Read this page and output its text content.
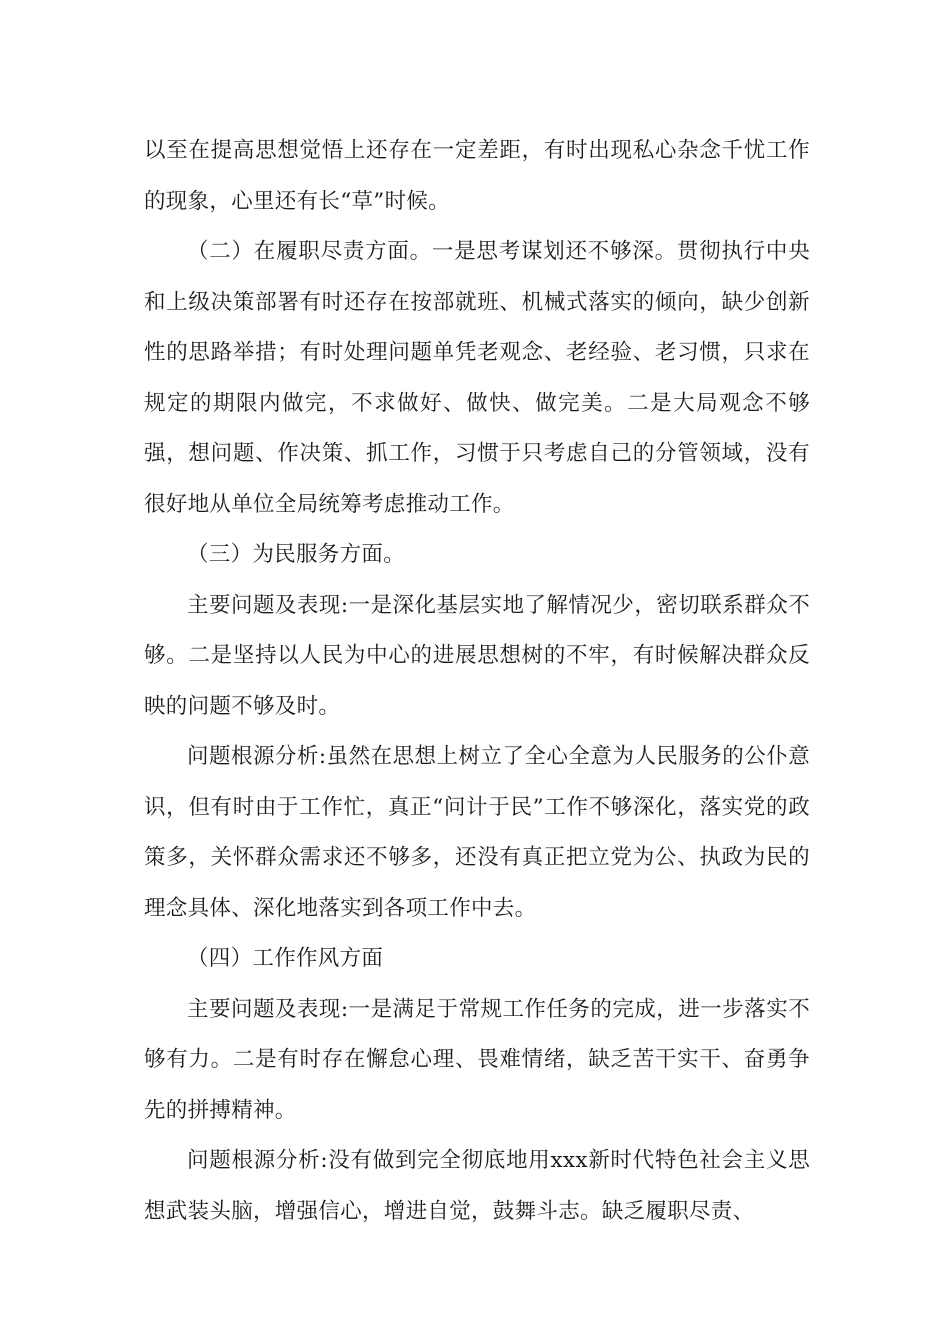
以至在提高思想觉悟上还存在一定差距，有时出现私心杂念千忧工作的现象，心里还有长“草”时候。

（二）在履职尽责方面。一是思考谋划还不够深。贯彻执行中央和上级决策部署有时还存在按部就班、机械式落实的倾向，缺少创新性的思路举措；有时处理问题单凭老观念、老经验、老习惯，只求在规定的期限内做完，不求做好、做快、做完美。二是大局观念不够强，想问题、作决策、抓工作，习惯于只考虑自己的分管领域，没有很好地从单位全局统筹考虑推动工作。

（三）为民服务方面。

主要问题及表现:一是深化基层实地了解情况少，密切联系群众不够。二是坚持以人民为中心的进展思想树的不牢，有时候解决群众反映的问题不够及时。

问题根源分析:虽然在思想上树立了全心全意为人民服务的公仆意识，但有时由于工作忙，真正“问计于民”工作不够深化，落实党的政策多，关怀群众需求还不够多，还没有真正把立党为公、执政为民的理念具体、深化地落实到各项工作中去。

（四）工作作风方面

主要问题及表现:一是满足于常规工作任务的完成，进一步落实不够有力。二是有时存在懈怠心理、畏难情绪，缺乏苦干实干、奋勇争先的拼搏精神。

问题根源分析:没有做到完全彻底地用xxx新时代特色社会主义思想武装头脑，增强信心，增进自觉，鼓舞斗志。缺乏履职尽责、
